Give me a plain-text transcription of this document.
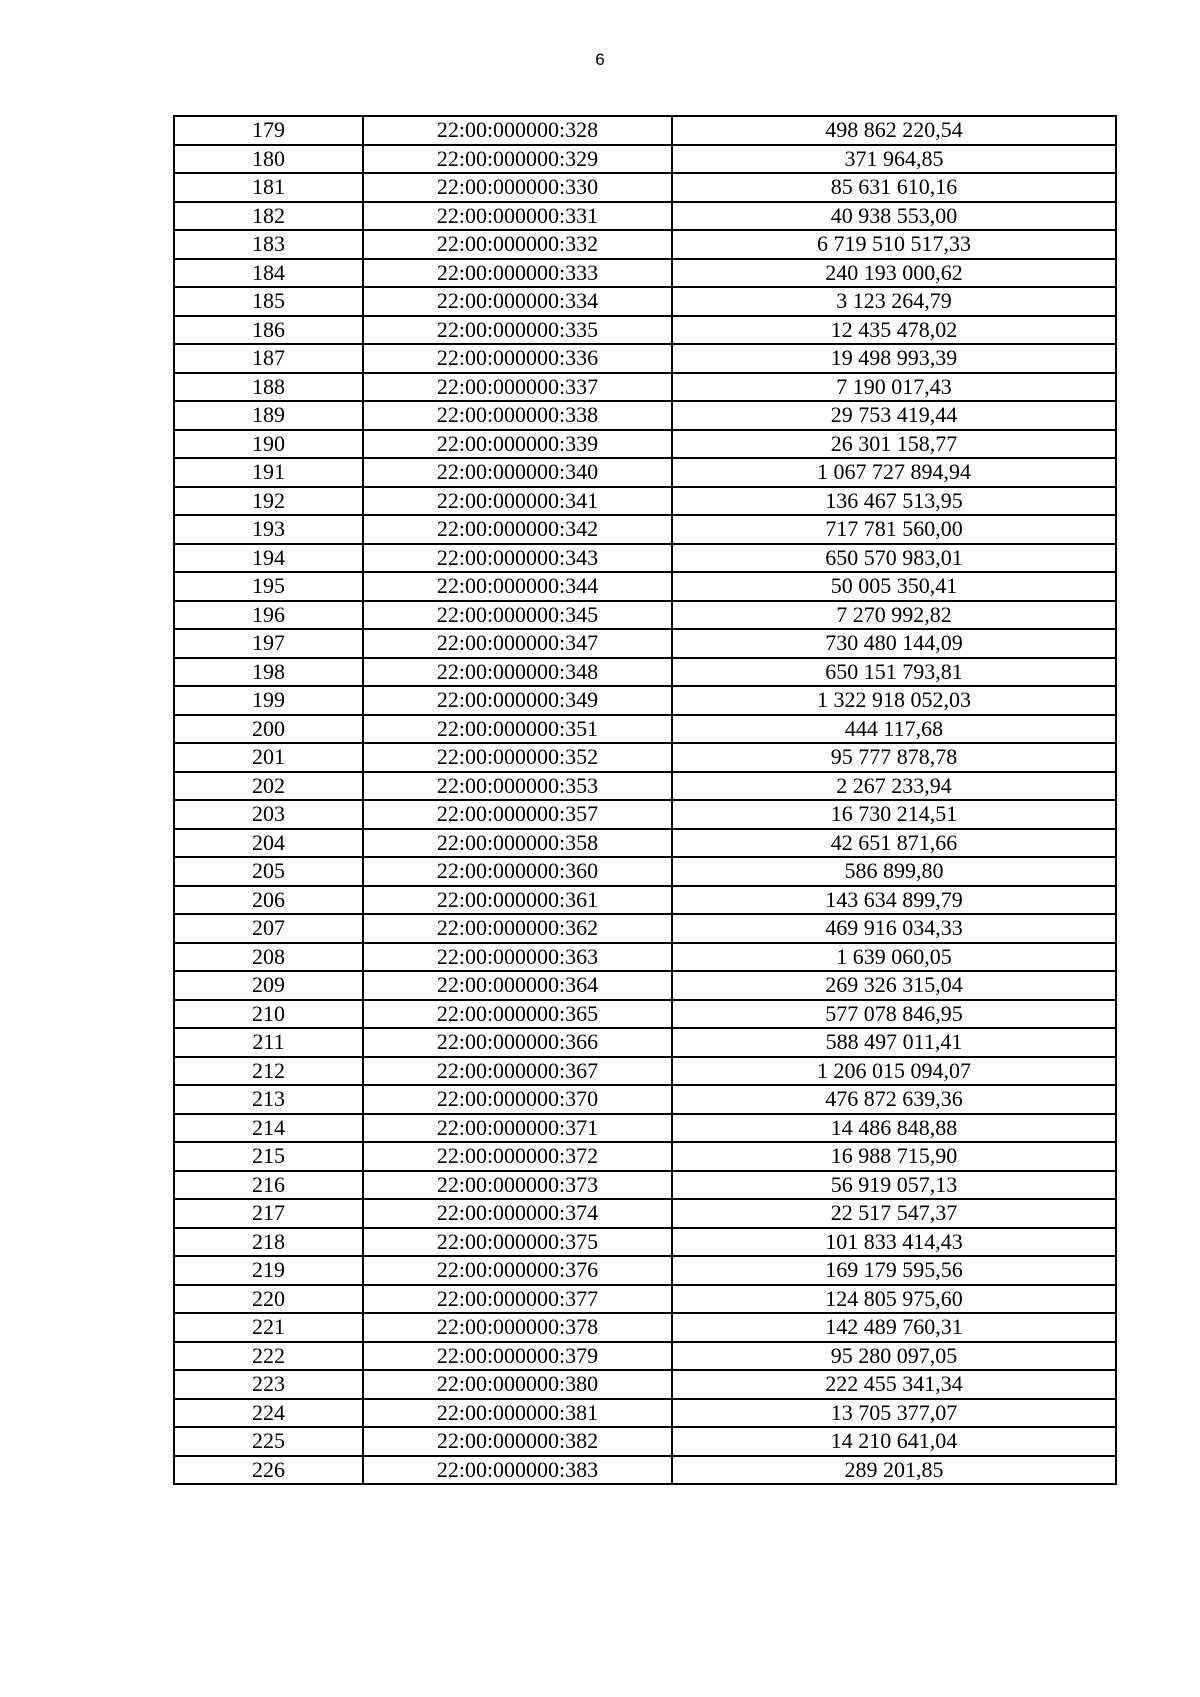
6
179	22:00:000000:328	498 862 220,54
180	22:00:000000:329	371 964,85
181	22:00:000000:330	85 631 610,16
182	22:00:000000:331	40 938 553,00
183	22:00:000000:332	6 719 510 517,33
184	22:00:000000:333	240 193 000,62
185	22:00:000000:334	3 123 264,79
186	22:00:000000:335	12 435 478,02
187	22:00:000000:336	19 498 993,39
188	22:00:000000:337	7 190 017,43
189	22:00:000000:338	29 753 419,44
190	22:00:000000:339	26 301 158,77
191	22:00:000000:340	1 067 727 894,94
192	22:00:000000:341	136 467 513,95
193	22:00:000000:342	717 781 560,00
194	22:00:000000:343	650 570 983,01
195	22:00:000000:344	50 005 350,41
196	22:00:000000:345	7 270 992,82
197	22:00:000000:347	730 480 144,09
198	22:00:000000:348	650 151 793,81
199	22:00:000000:349	1 322 918 052,03
200	22:00:000000:351	444 117,68
201	22:00:000000:352	95 777 878,78
202	22:00:000000:353	2 267 233,94
203	22:00:000000:357	16 730 214,51
204	22:00:000000:358	42 651 871,66
205	22:00:000000:360	586 899,80
206	22:00:000000:361	143 634 899,79
207	22:00:000000:362	469 916 034,33
208	22:00:000000:363	1 639 060,05
209	22:00:000000:364	269 326 315,04
210	22:00:000000:365	577 078 846,95
211	22:00:000000:366	588 497 011,41
212	22:00:000000:367	1 206 015 094,07
213	22:00:000000:370	476 872 639,36
214	22:00:000000:371	14 486 848,88
215	22:00:000000:372	16 988 715,90
216	22:00:000000:373	56 919 057,13
217	22:00:000000:374	22 517 547,37
218	22:00:000000:375	101 833 414,43
219	22:00:000000:376	169 179 595,56
220	22:00:000000:377	124 805 975,60
221	22:00:000000:378	142 489 760,31
222	22:00:000000:379	95 280 097,05
223	22:00:000000:380	222 455 341,34
224	22:00:000000:381	13 705 377,07
225	22:00:000000:382	14 210 641,04
226	22:00:000000:383	289 201,85
